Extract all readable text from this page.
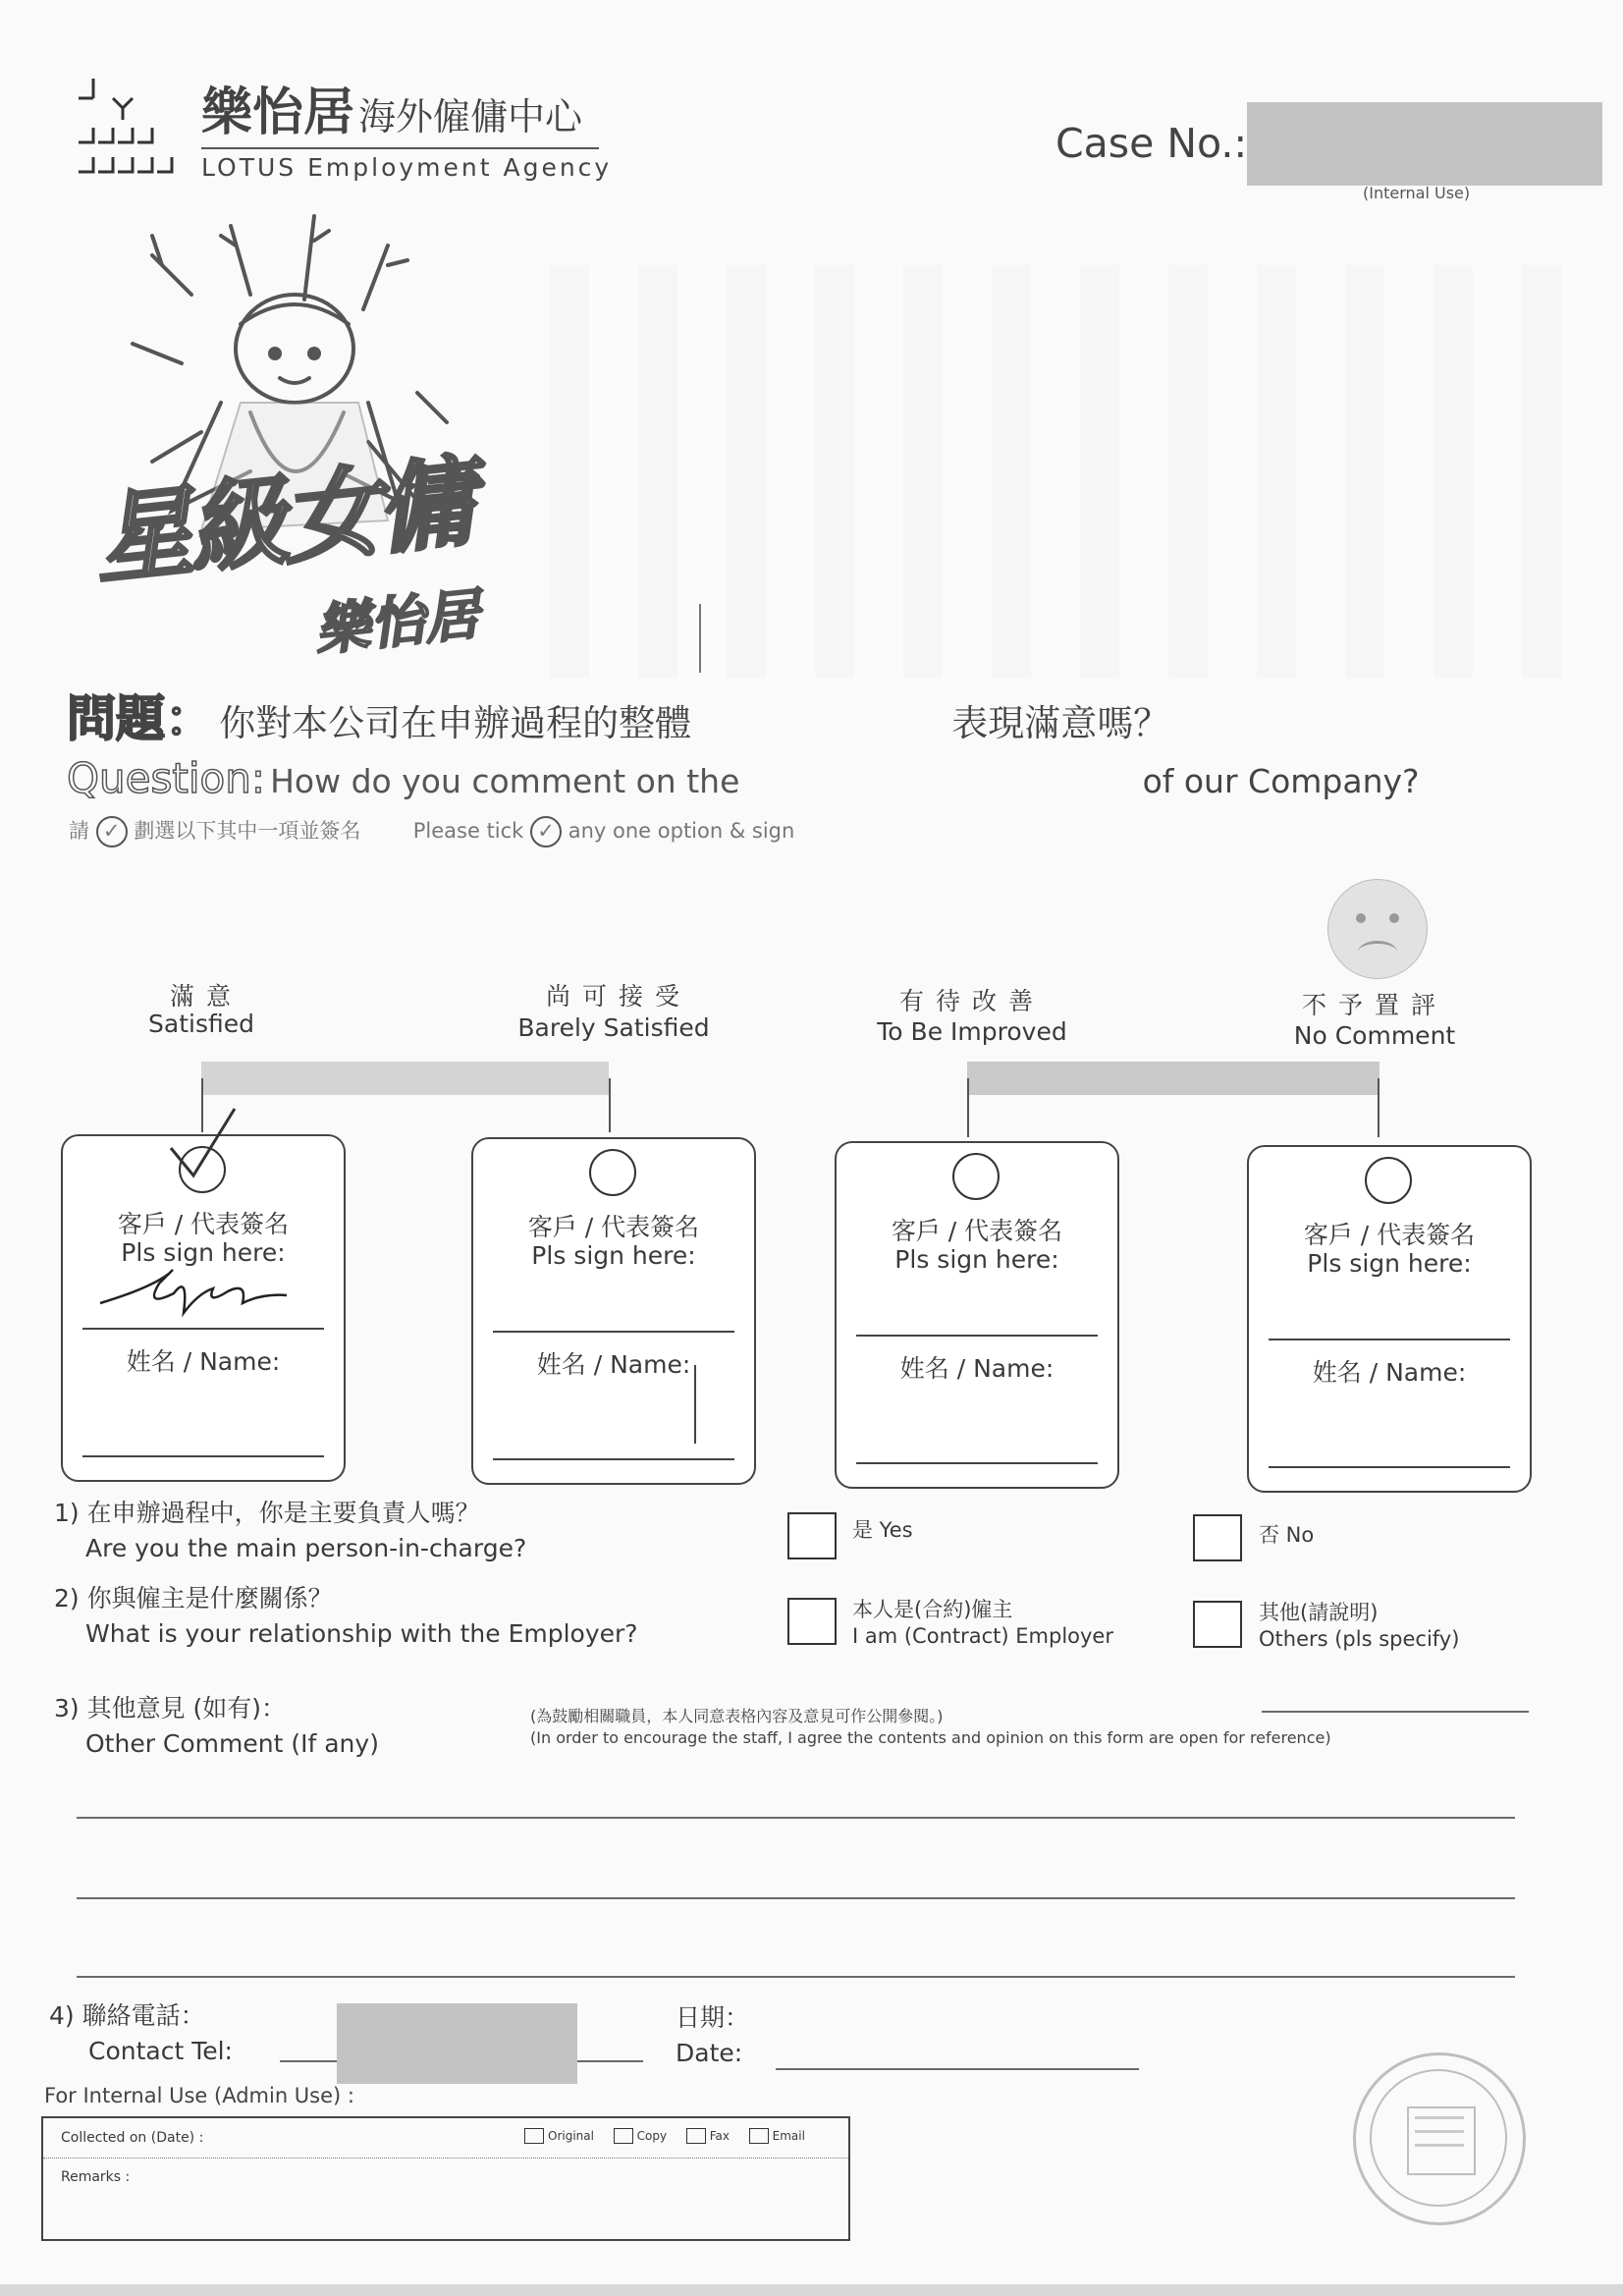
樂怡居 海外僱傭中心
LOTUS Employment Agency
Case No.:
(Internal Use)
星級女傭
樂怡居
問題： 你對本公司在申辦過程的整體	表現滿意嗎？
Question: How do you comment on the	of our Company?
請 ✓ 劃選以下其中一項並簽名	Please tick ✓ any one option & sign
滿意
Satisfied
尚可接受
Barely Satisfied
有待改善
To Be Improved
不予置評
No Comment
客戶 / 代表簽名
Pls sign here:
姓名 / Name:
客戶 / 代表簽名
Pls sign here:
姓名 / Name:
客戶 / 代表簽名
Pls sign here:
姓名 / Name:
客戶 / 代表簽名
Pls sign here:
姓名 / Name:
1) 在申辦過程中，你是主要負責人嗎？
Are you the main person-in-charge?
是 Yes	否 No
2) 你與僱主是什麼關係？
What is your relationship with the Employer?
本人是(合約)僱主
I am (Contract) Employer
其他(請說明)
Others (pls specify)
3) 其他意見 (如有)：
Other Comment (If any)
(為鼓勵相關職員，本人同意表格內容及意見可作公開參閱。)
(In order to encourage the staff, I agree the contents and opinion on this form are open for reference)
4) 聯絡電話：
Contact Tel:
日期：
Date:
For Internal Use (Admin Use) :
Collected on (Date) :	Original	Copy	Fax	Email
Remarks :
